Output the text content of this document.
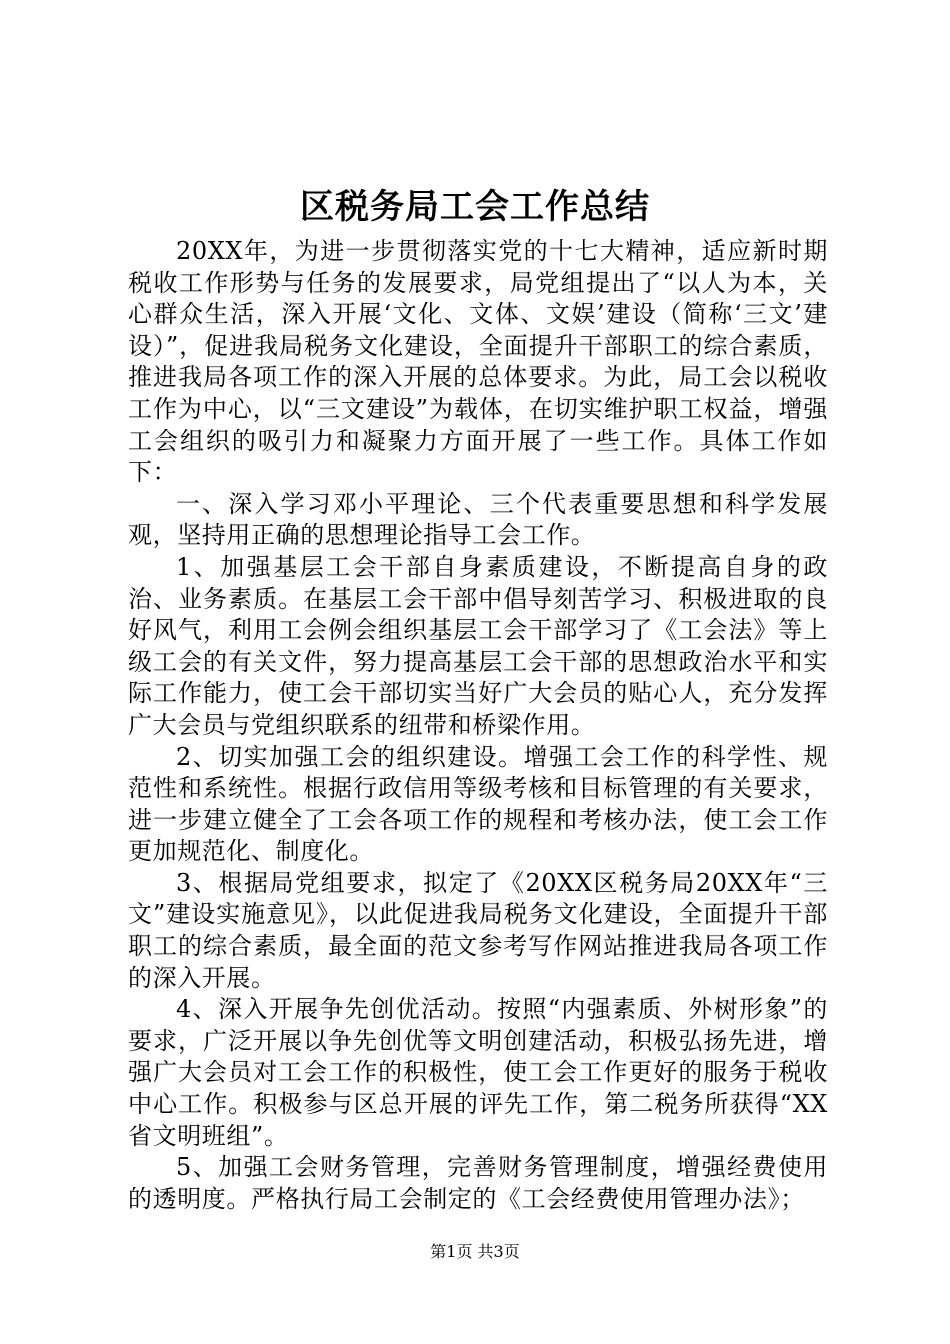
区税务局工会工作总结

20XX年，为进一步贯彻落实党的十七大精神，适应新时期税收工作形势与任务的发展要求，局党组提出了“以人为本，关心群众生活，深入开展‘文化、文体、文娱’建设（简称‘三文’建设）”，促进我局税务文化建设，全面提升干部职工的综合素质，推进我局各项工作的深入开展的总体要求。为此，局工会以税收工作为中心，以“三文建设”为载体，在切实维护职工权益，增强工会组织的吸引力和凝聚力方面开展了一些工作。具体工作如下：

一、深入学习邓小平理论、三个代表重要思想和科学发展观，坚持用正确的思想理论指导工会工作。

1、加强基层工会干部自身素质建设，不断提高自身的政治、业务素质。在基层工会干部中倡导刻苦学习、积极进取的良好风气，利用工会例会组织基层工会干部学习了《工会法》等上级工会的有关文件，努力提高基层工会干部的思想政治水平和实际工作能力，使工会干部切实当好广大会员的贴心人，充分发挥广大会员与党组织联系的纽带和桥梁作用。

2、切实加强工会的组织建设。增强工会工作的科学性、规范性和系统性。根据行政信用等级考核和目标管理的有关要求，进一步建立健全了工会各项工作的规程和考核办法，使工会工作更加规范化、制度化。

3、根据局党组要求，拟定了《20XX区税务局20XX年“三文”建设实施意见》，以此促进我局税务文化建设，全面提升干部职工的综合素质，最全面的范文参考写作网站推进我局各项工作的深入开展。

4、深入开展争先创优活动。按照“内强素质、外树形象”的要求，广泛开展以争先创优等文明创建活动，积极弘扬先进，增强广大会员对工会工作的积极性，使工会工作更好的服务于税收中心工作。积极参与区总开展的评先工作，第二税务所获得“XX省文明班组”。

5、加强工会财务管理，完善财务管理制度，增强经费使用的透明度。严格执行局工会制定的《工会经费使用管理办法》；

第1页 共3页
